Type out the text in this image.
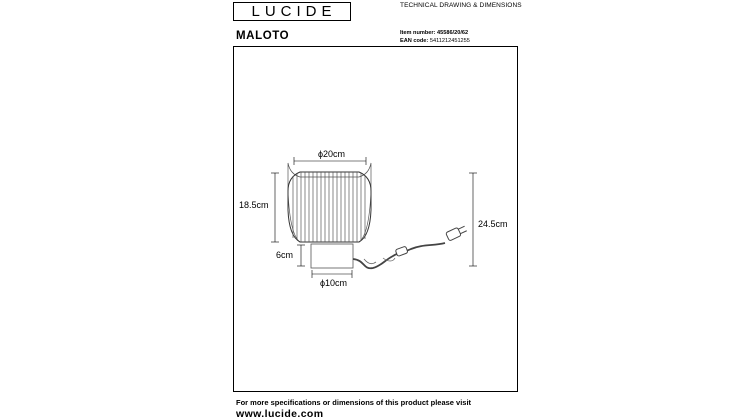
LUCIDE	TECHNICAL DRAWING & DIMENSIONS
MALOTO	Item number: 45586/20/62
EAN code: 5411212451255
ϕ20cm
18.5cm
6cm
ϕ10cm
24.5cm
For more specifications or dimensions of this product please visit
www.lucide.com
